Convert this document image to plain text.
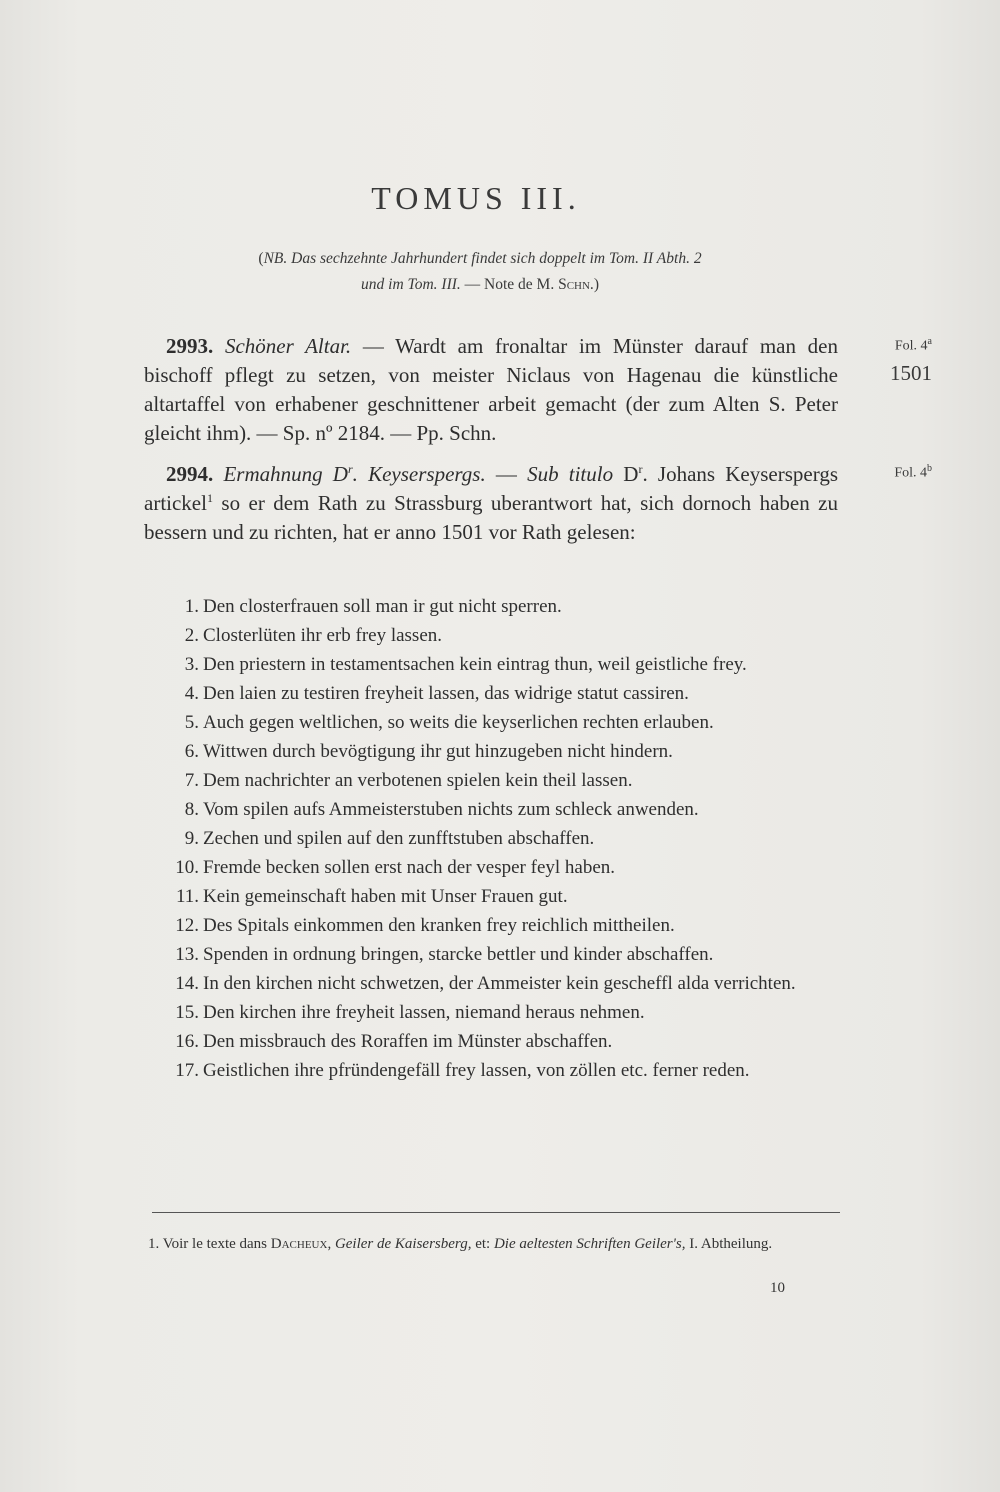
TOMUS III.
(NB. Das sechzehnte Jahrhundert findet sich doppelt im Tom. II Abth. 2
und im Tom. III. — Note de M. Schn.)
2993. Schöner Altar. — Wardt am fronaltar im Münster darauf man den bischoff pflegt zu setzen, von meister Niclaus von Hagenau die künstliche altartaffel von erhabener geschnittener arbeit gemacht (der zum Alten S. Peter gleicht ihm). — Sp. nº 2184. — Pp. Schn.
Fol. 4$^a$
1501
2994. Ermahnung $D^r$. Keyserspergs. — Sub titulo $D^r$. Johans Keyserspergs artickel$^1$ so er dem Rath zu Strassburg uberantwort hat, sich dornoch haben zu bessern und zu richten, hat er anno 1501 vor Rath gelesen:
Fol. 4$^b$
1. Den closterfrauen soll man ir gut nicht sperren.
2. Closterlüten ihr erb frey lassen.
3. Den priestern in testamentsachen kein eintrag thun, weil geistliche frey.
4. Den laien zu testiren freyheit lassen, das widrige statut cassiren.
5. Auch gegen weltlichen, so weits die keyserlichen rechten erlauben.
6. Wittwen durch bevögtigung ihr gut hinzugeben nicht hindern.
7. Dem nachrichter an verbotenen spielen kein theil lassen.
8. Vom spilen aufs Ammeisterstuben nichts zum schleck anwenden.
9. Zechen und spilen auf den zunfftstuben abschaffen.
10. Fremde becken sollen erst nach der vesper feyl haben.
11. Kein gemeinschaft haben mit Unser Frauen gut.
12. Des Spitals einkommen den kranken frey reichlich mittheilen.
13. Spenden in ordnung bringen, starcke bettler und kinder abschaffen.
14. In den kirchen nicht schwetzen, der Ammeister kein gescheffl alda verrichten.
15. Den kirchen ihre freyheit lassen, niemand heraus nehmen.
16. Den missbrauch des Roraffen im Münster abschaffen.
17. Geistlichen ihre pfründengefäll frey lassen, von zöllen etc. ferner reden.
1. Voir le texte dans Dacheux, Geiler de Kaisersberg, et: Die aeltesten Schriften Geiler's, I. Abtheilung.
10
